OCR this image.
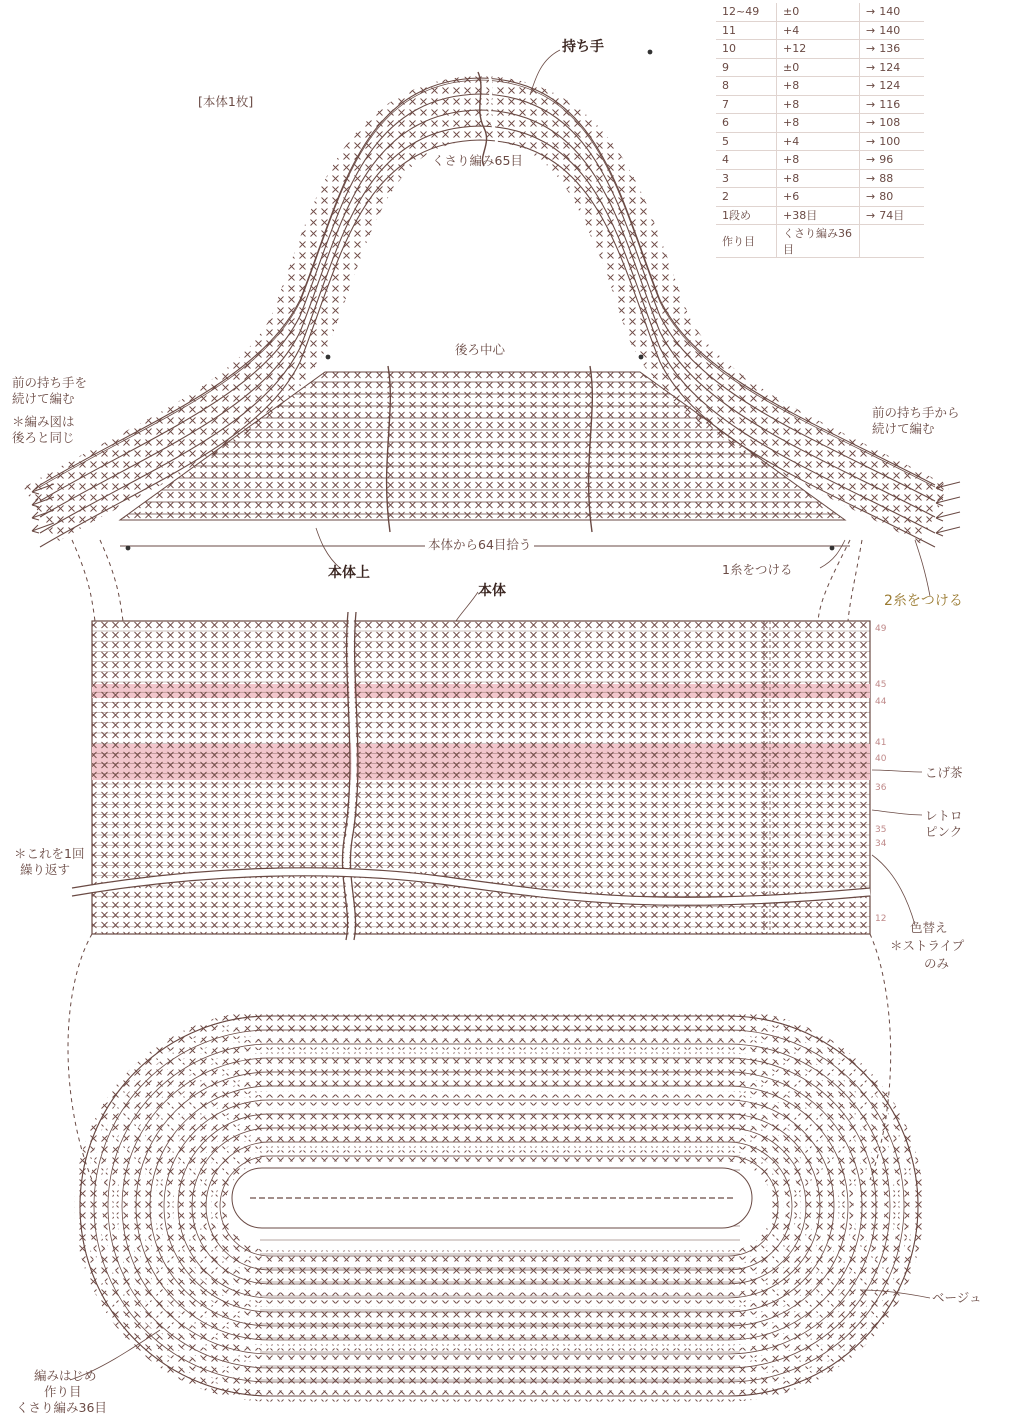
12~49	±0	→ 140
11	+4	→ 140
10	+12	→ 136
9	±0	→ 124
8	+8	→ 124
7	+8	→ 116
6	+8	→ 108
5	+4	→ 100
4	+8	→ 96
3	+8	→ 88
2	+6	→ 80
1段め	+38目	→ 74目
作り目	くさり編み36目	
持ち手
[本体1枚]
くさり編み65目
後ろ中心
前の持ち手を
続けて編む
＊編み図は
後ろと同じ
前の持ち手から
続けて編む
本体から64目拾う
本体上	1糸をつける
本体
2糸をつける
＊これを1回
繰り返す
こげ茶
レトロ
ピンク
色替え
＊ストライプ
のみ
ベージュ
編みはじめ
作り目
くさり編み36目
49
45
44
41
40
36
35
34
12
